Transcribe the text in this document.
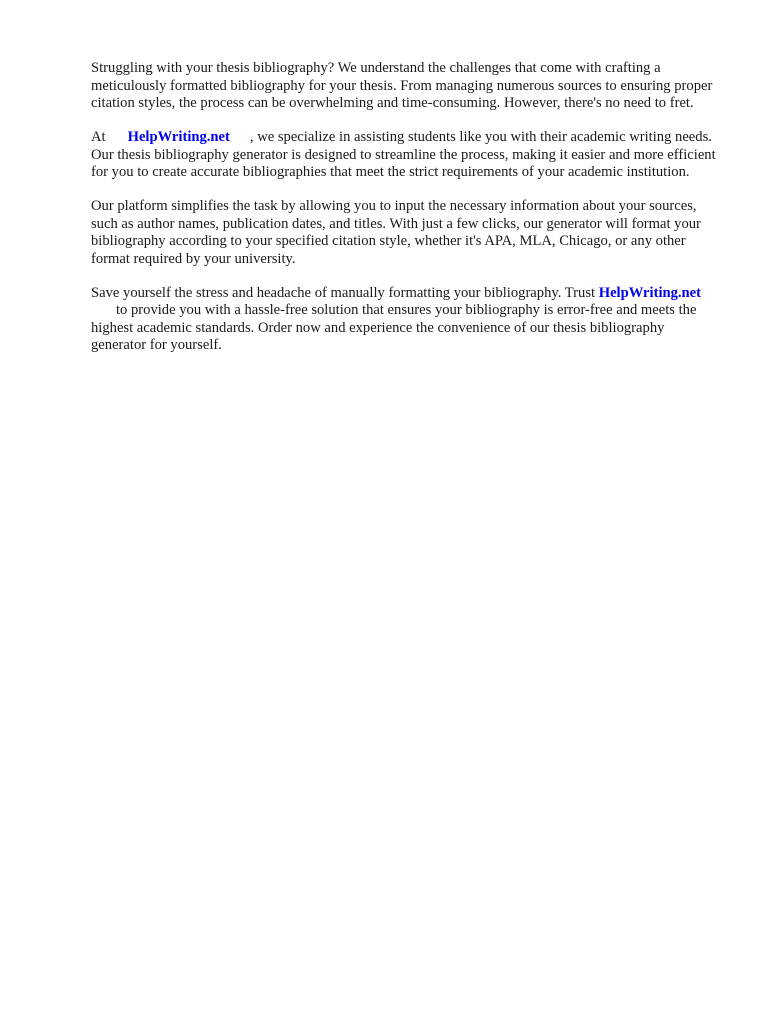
Struggling with your thesis bibliography? We understand the challenges that come with crafting a meticulously formatted bibliography for your thesis. From managing numerous sources to ensuring proper citation styles, the process can be overwhelming and time-consuming. However, there's no need to fret.

At HelpWriting.net , we specialize in assisting students like you with their academic writing needs. Our thesis bibliography generator is designed to streamline the process, making it easier and more efficient for you to create accurate bibliographies that meet the strict requirements of your academic institution.

Our platform simplifies the task by allowing you to input the necessary information about your sources, such as author names, publication dates, and titles. With just a few clicks, our generator will format your bibliography according to your specified citation style, whether it's APA, MLA, Chicago, or any other format required by your university.

Save yourself the stress and headache of manually formatting your bibliography. Trust HelpWriting.netto provide you with a hassle-free solution that ensures your bibliography is error-free and meets the highest academic standards. Order now and experience the convenience of our thesis bibliography generator for yourself.
